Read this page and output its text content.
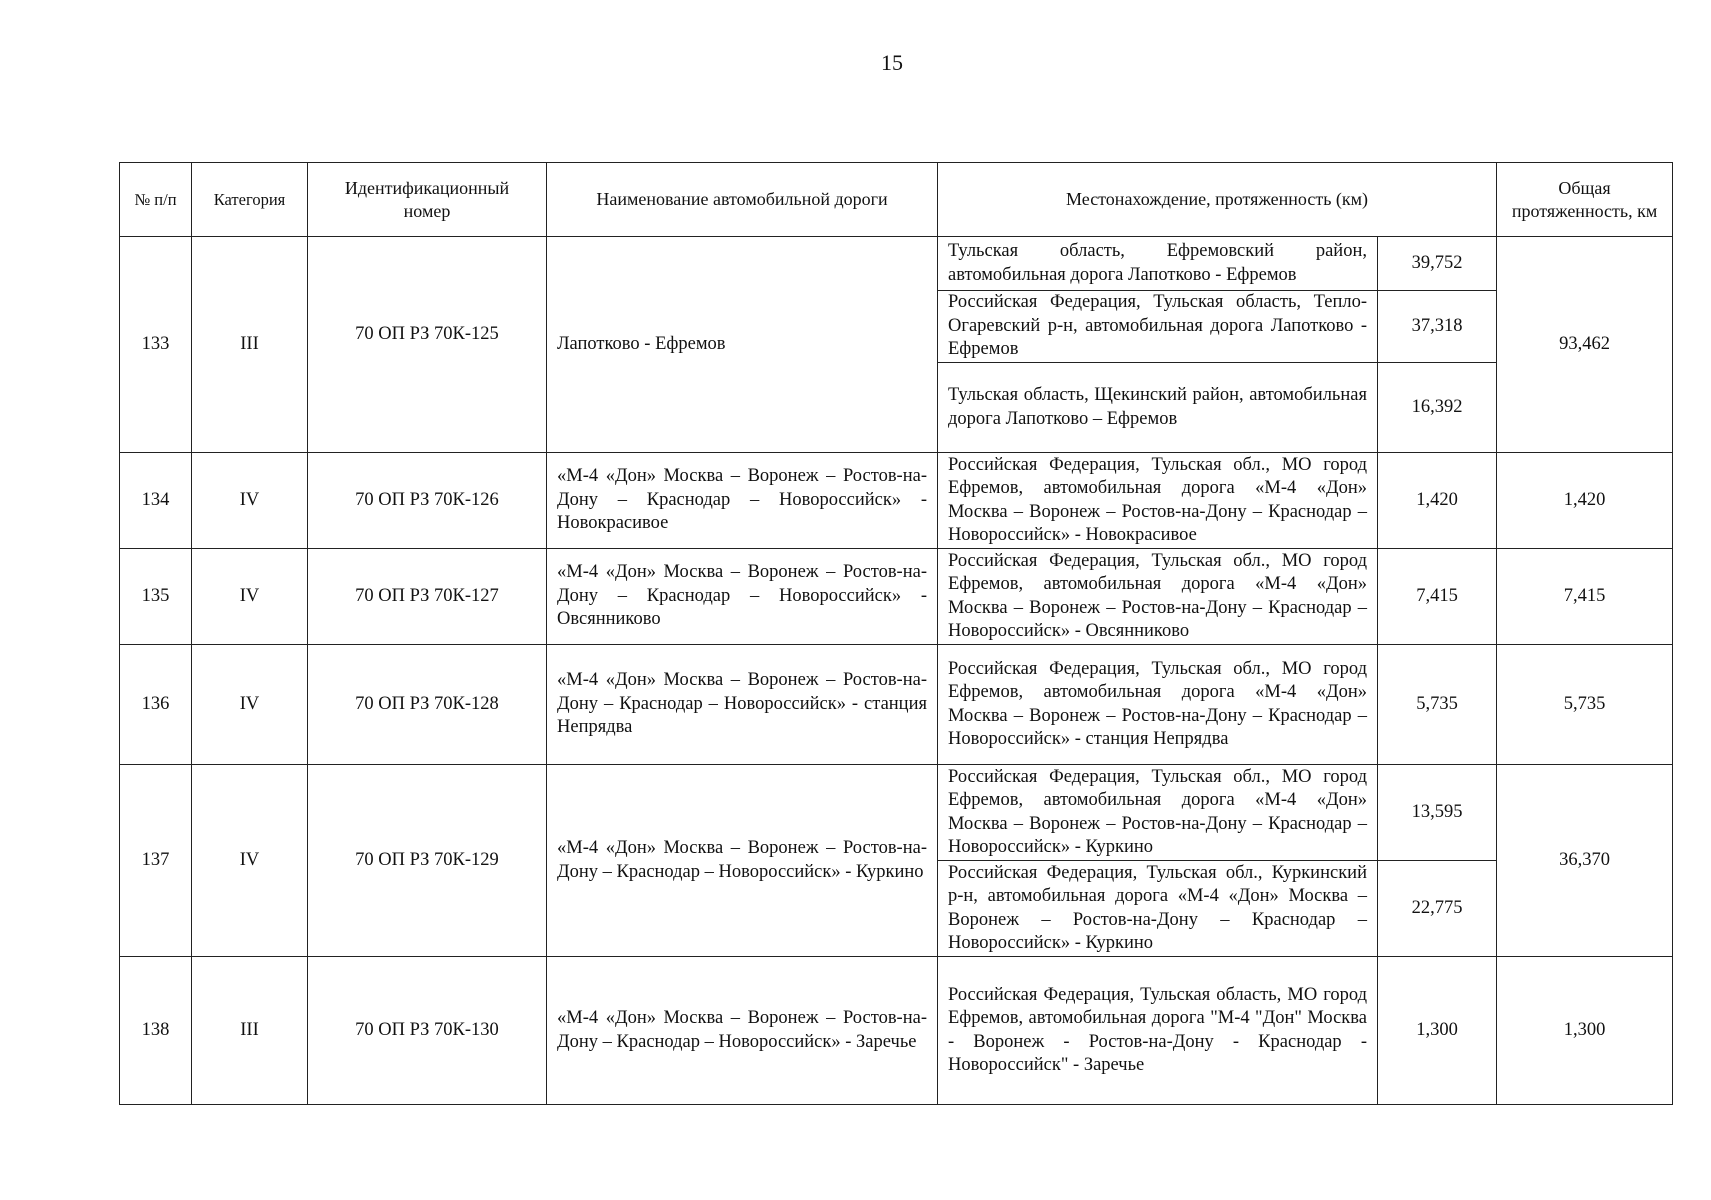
15
№ п/п	Категория	Идентификационный номер	Наименование автомобильной дороги	Местонахождение, протяженность (км)		Общая протяженность, км
133	III	70 ОП РЗ 70К-125	Лапотково - Ефремов	Тульская область, Ефремовский район, автомобильная дорога Лапотково - Ефремов	39,752	93,462
				Российская Федерация, Тульская область, Тепло-Огаревский р-н, автомобильная дорога Лапотково - Ефремов	37,318	
				Тульская область, Щекинский район, автомобильная дорога Лапотково – Ефремов	16,392	
134	IV	70 ОП РЗ 70К-126	«М-4 «Дон» Москва – Воронеж – Ростов-на-Дону – Краснодар – Новороссийск» - Новокрасивое	Российская Федерация, Тульская обл., МО город Ефремов, автомобильная дорога «М-4 «Дон» Москва – Воронеж – Ростов-на-Дону – Краснодар – Новороссийск» - Новокрасивое	1,420	1,420
135	IV	70 ОП РЗ 70К-127	«М-4 «Дон» Москва – Воронеж – Ростов-на-Дону – Краснодар – Новороссийск» - Овсянниково	Российская Федерация, Тульская обл., МО город Ефремов, автомобильная дорога «М-4 «Дон» Москва – Воронеж – Ростов-на-Дону – Краснодар – Новороссийск» - Овсянниково	7,415	7,415
136	IV	70 ОП РЗ 70К-128	«М-4 «Дон» Москва – Воронеж – Ростов-на-Дону – Краснодар – Новороссийск» - станция Непрядва	Российская Федерация, Тульская обл., МО город Ефремов, автомобильная дорога «М-4 «Дон» Москва – Воронеж – Ростов-на-Дону – Краснодар – Новороссийск» - станция Непрядва	5,735	5,735
137	IV	70 ОП РЗ 70К-129	«М-4 «Дон» Москва – Воронеж – Ростов-на-Дону – Краснодар – Новороссийск» - Куркино	Российская Федерация, Тульская обл., МО город Ефремов, автомобильная дорога «М-4 «Дон» Москва – Воронеж – Ростов-на-Дону – Краснодар – Новороссийск» - Куркино	13,595	36,370
				Российская Федерация, Тульская обл., Куркинский р-н, автомобильная дорога «М-4 «Дон» Москва – Воронеж – Ростов-на-Дону – Краснодар – Новороссийск» - Куркино	22,775	
138	III	70 ОП РЗ 70К-130	«М-4 «Дон» Москва – Воронеж – Ростов-на-Дону – Краснодар – Новороссийск» - Заречье	Российская Федерация, Тульская область, МО город Ефремов, автомобильная дорога "М-4 "Дон" Москва - Воронеж - Ростов-на-Дону - Краснодар - Новороссийск" - Заречье	1,300	1,300
